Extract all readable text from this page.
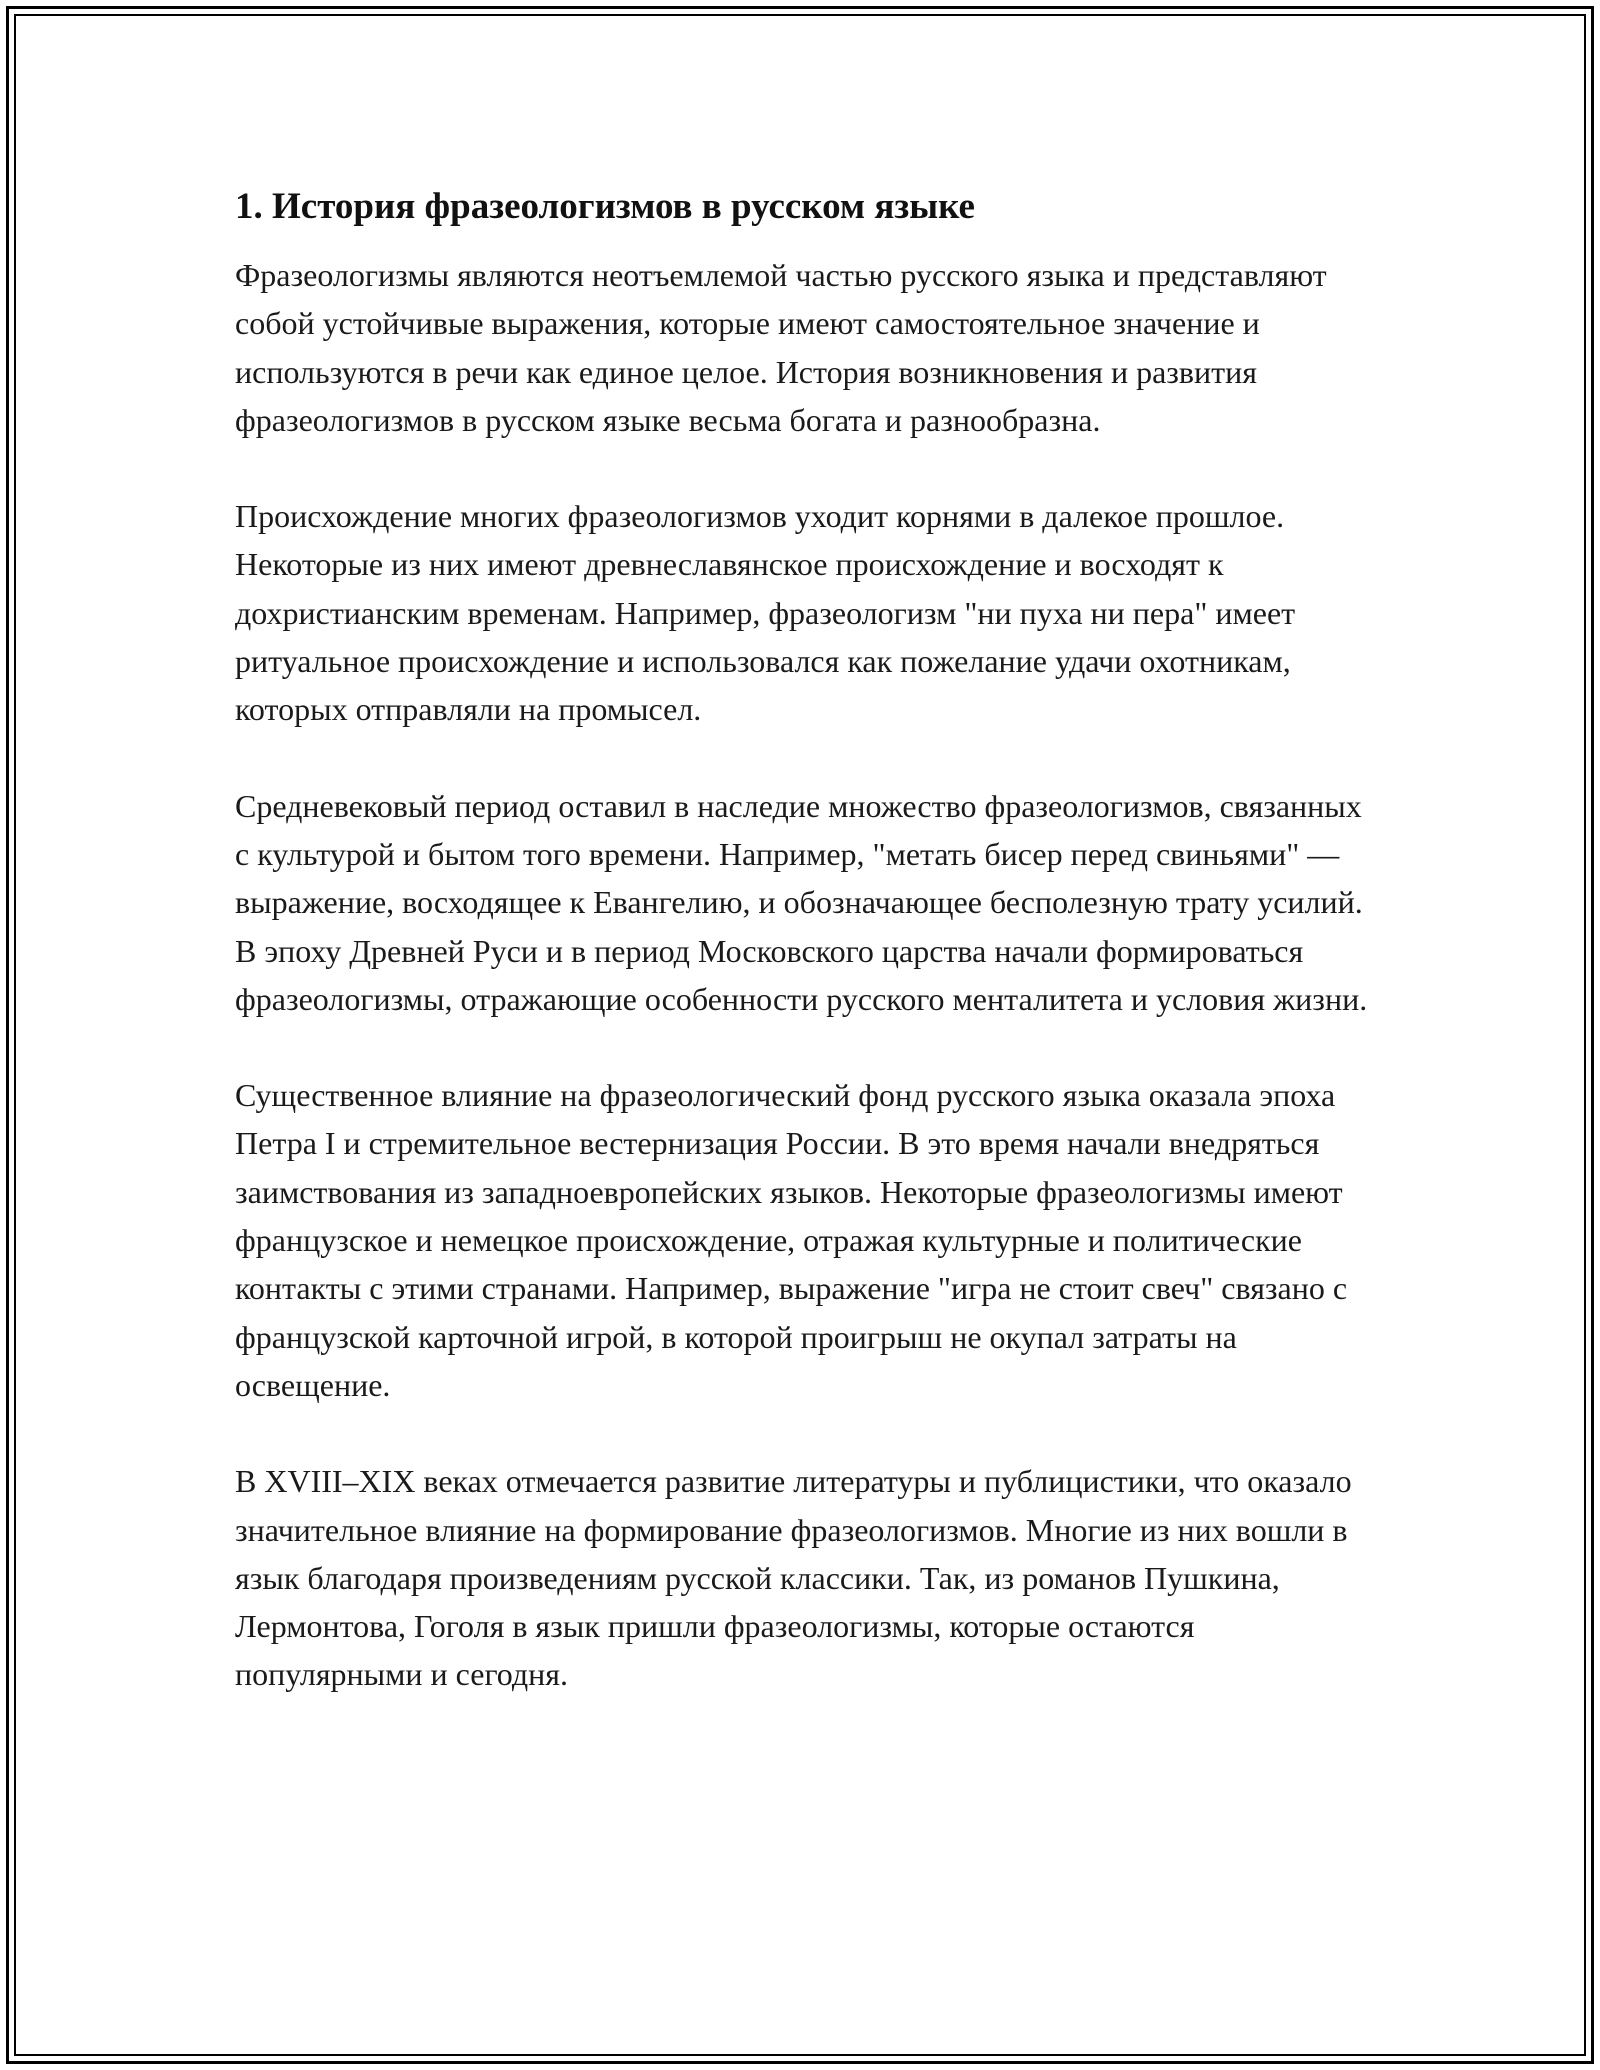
1. История фразеологизмов в русском языке

Фразеологизмы являются неотъемлемой частью русского языка и представляют собой устойчивые выражения, которые имеют самостоятельное значение и используются в речи как единое целое. История возникновения и развития фразеологизмов в русском языке весьма богата и разнообразна.

Происхождение многих фразеологизмов уходит корнями в далекое прошлое. Некоторые из них имеют древнеславянское происхождение и восходят к дохристианским временам. Например, фразеологизм "ни пуха ни пера" имеет ритуальное происхождение и использовался как пожелание удачи охотникам, которых отправляли на промысел.

Средневековый период оставил в наследие множество фразеологизмов, связанных с культурой и бытом того времени. Например, "метать бисер перед свиньями" — выражение, восходящее к Евангелию, и обозначающее бесполезную трату усилий. В эпоху Древней Руси и в период Московского царства начали формироваться фразеологизмы, отражающие особенности русского менталитета и условия жизни.

Существенное влияние на фразеологический фонд русского языка оказала эпоха Петра I и стремительное вестернизация России. В это время начали внедряться заимствования из западноевропейских языков. Некоторые фразеологизмы имеют французское и немецкое происхождение, отражая культурные и политические контакты с этими странами. Например, выражение "игра не стоит свеч" связано с французской карточной игрой, в которой проигрыш не окупал затраты на освещение.

В XVIII–XIX веках отмечается развитие литературы и публицистики, что оказало значительное влияние на формирование фразеологизмов. Многие из них вошли в язык благодаря произведениям русской классики. Так, из романов Пушкина, Лермонтова, Гоголя в язык пришли фразеологизмы, которые остаются популярными и сегодня.
